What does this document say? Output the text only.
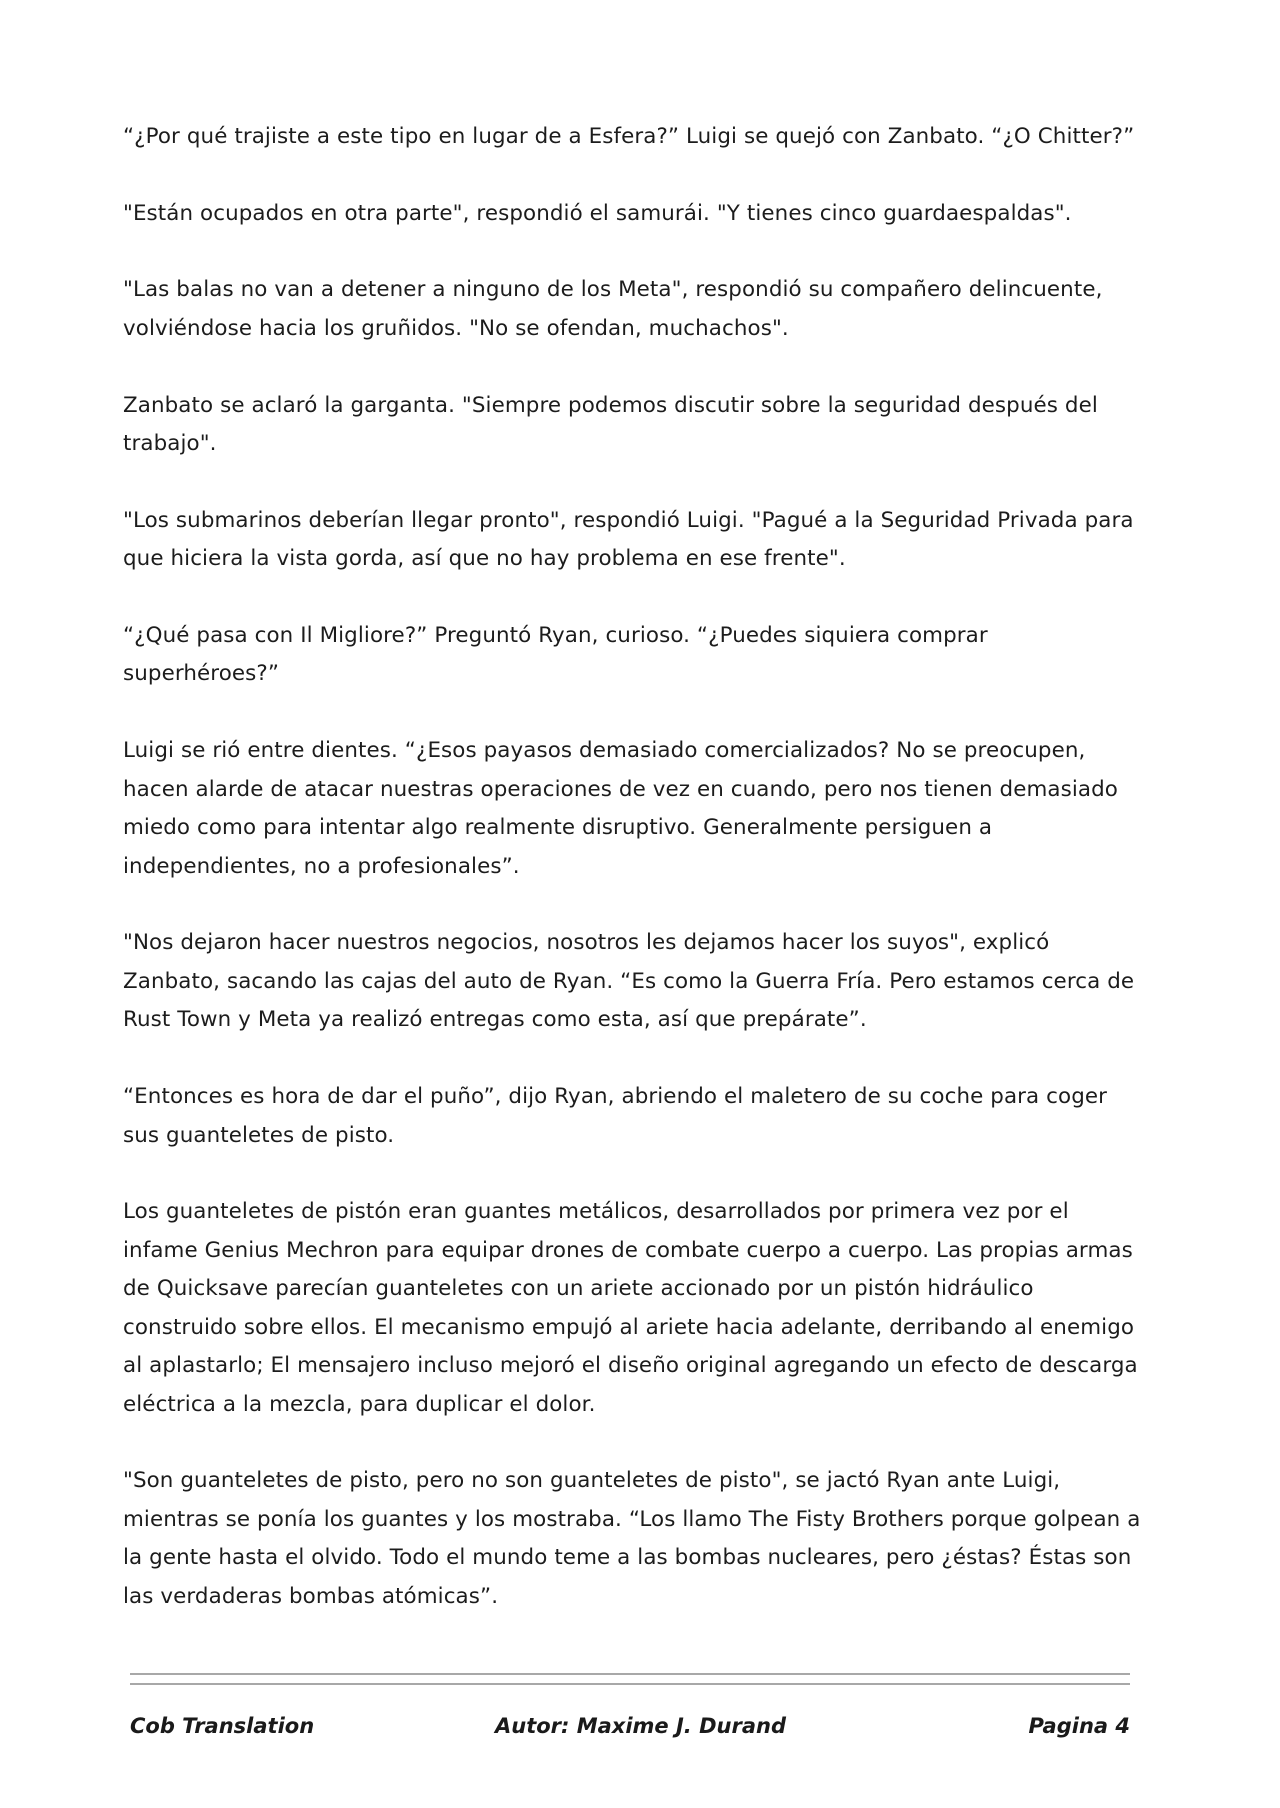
“¿Por qué trajiste a este tipo en lugar de a Esfera?” Luigi se quejó con Zanbato. “¿O Chitter?”

"Están ocupados en otra parte", respondió el samurái. "Y tienes cinco guardaespaldas".

"Las balas no van a detener a ninguno de los Meta", respondió su compañero delincuente, volviéndose hacia los gruñidos. "No se ofendan, muchachos".

Zanbato se aclaró la garganta. "Siempre podemos discutir sobre la seguridad después del trabajo".

"Los submarinos deberían llegar pronto", respondió Luigi. "Pagué a la Seguridad Privada para que hiciera la vista gorda, así que no hay problema en ese frente".

“¿Qué pasa con Il Migliore?” Preguntó Ryan, curioso. “¿Puedes siquiera comprar superhéroes?”

Luigi se rió entre dientes. “¿Esos payasos demasiado comercializados? No se preocupen, hacen alarde de atacar nuestras operaciones de vez en cuando, pero nos tienen demasiado miedo como para intentar algo realmente disruptivo. Generalmente persiguen a independientes, no a profesionales”.

"Nos dejaron hacer nuestros negocios, nosotros les dejamos hacer los suyos", explicó Zanbato, sacando las cajas del auto de Ryan. “Es como la Guerra Fría. Pero estamos cerca de Rust Town y Meta ya realizó entregas como esta, así que prepárate”.

“Entonces es hora de dar el puño”, dijo Ryan, abriendo el maletero de su coche para coger sus guanteletes de pisto.

Los guanteletes de pistón eran guantes metálicos, desarrollados por primera vez por el infame Genius Mechron para equipar drones de combate cuerpo a cuerpo. Las propias armas de Quicksave parecían guanteletes con un ariete accionado por un pistón hidráulico construido sobre ellos. El mecanismo empujó al ariete hacia adelante, derribando al enemigo al aplastarlo; El mensajero incluso mejoró el diseño original agregando un efecto de descarga eléctrica a la mezcla, para duplicar el dolor.

"Son guanteletes de pisto, pero no son guanteletes de pisto", se jactó Ryan ante Luigi, mientras se ponía los guantes y los mostraba. “Los llamo The Fisty Brothers porque golpean a la gente hasta el olvido. Todo el mundo teme a las bombas nucleares, pero ¿éstas? Éstas son las verdaderas bombas atómicas”.

Cob Translation	Autor: Maxime J. Durand	Pagina 4
